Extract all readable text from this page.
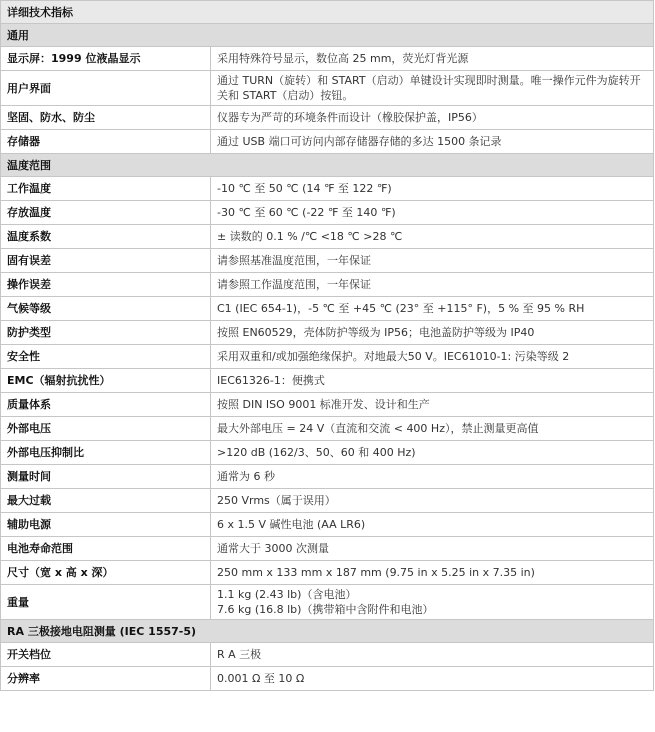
详细技术指标	
通用	
显示屏：1999 位液晶显示	采用特殊符号显示，数位高 25 mm，荧光灯背光源

用户界面	通过 TURN（旋转）和 START（启动）单键设计实现即时测量。唯一操作元件为旋转开关和 START（启动）按钮。

坚固、防水、防尘	仪器专为严苛的环境条件而设计（橡胶保护盖，IP56）

存储器	通过 USB 端口可访问内部存储器存储的多达 1500 条记录

温度范围	
工作温度	-10 ℃ 至 50 ℃ (14 ℉ 至 122 ℉)

存放温度	-30 ℃ 至 60 ℃ (-22 ℉ 至 140 ℉)

温度系数	± 读数的 0.1 % /℃ <18 ℃ >28 ℃

固有误差	请参照基准温度范围，一年保证

操作误差	请参照工作温度范围，一年保证

气候等级	C1 (IEC 654-1)，-5 ℃ 至 +45 ℃ (23° 至 +115° F)，5 % 至 95 % RH

防护类型	按照 EN60529，壳体防护等级为 IP56；电池盖防护等级为 IP40

安全性	采用双重和/或加强绝缘保护。对地最大50 V。IEC61010-1: 污染等级 2

EMC（辐射抗扰性）	IEC61326-1：便携式

质量体系	按照 DIN ISO 9001 标准开发、设计和生产

外部电压	最大外部电压 = 24 V（直流和交流 < 400 Hz），禁止测量更高值

外部电压抑制比	>120 dB (162/3、50、60 和 400 Hz)

测量时间	通常为 6 秒

最大过载	250 Vrms（属于误用）

辅助电源	6 x 1.5 V 碱性电池 (AA LR6)

电池寿命范围	通常大于 3000 次测量

尺寸（宽 x 高 x 深）	250 mm x 133 mm x 187 mm (9.75 in x 5.25 in x 7.35 in)

重量	1.1 kg (2.43 lb)（含电池）
7.6 kg (16.8 lb)（携带箱中含附件和电池）

RA 三极接地电阻测量 (IEC 1557-5)	
开关档位	R A 三极

分辨率	0.001 Ω 至 10 Ω
